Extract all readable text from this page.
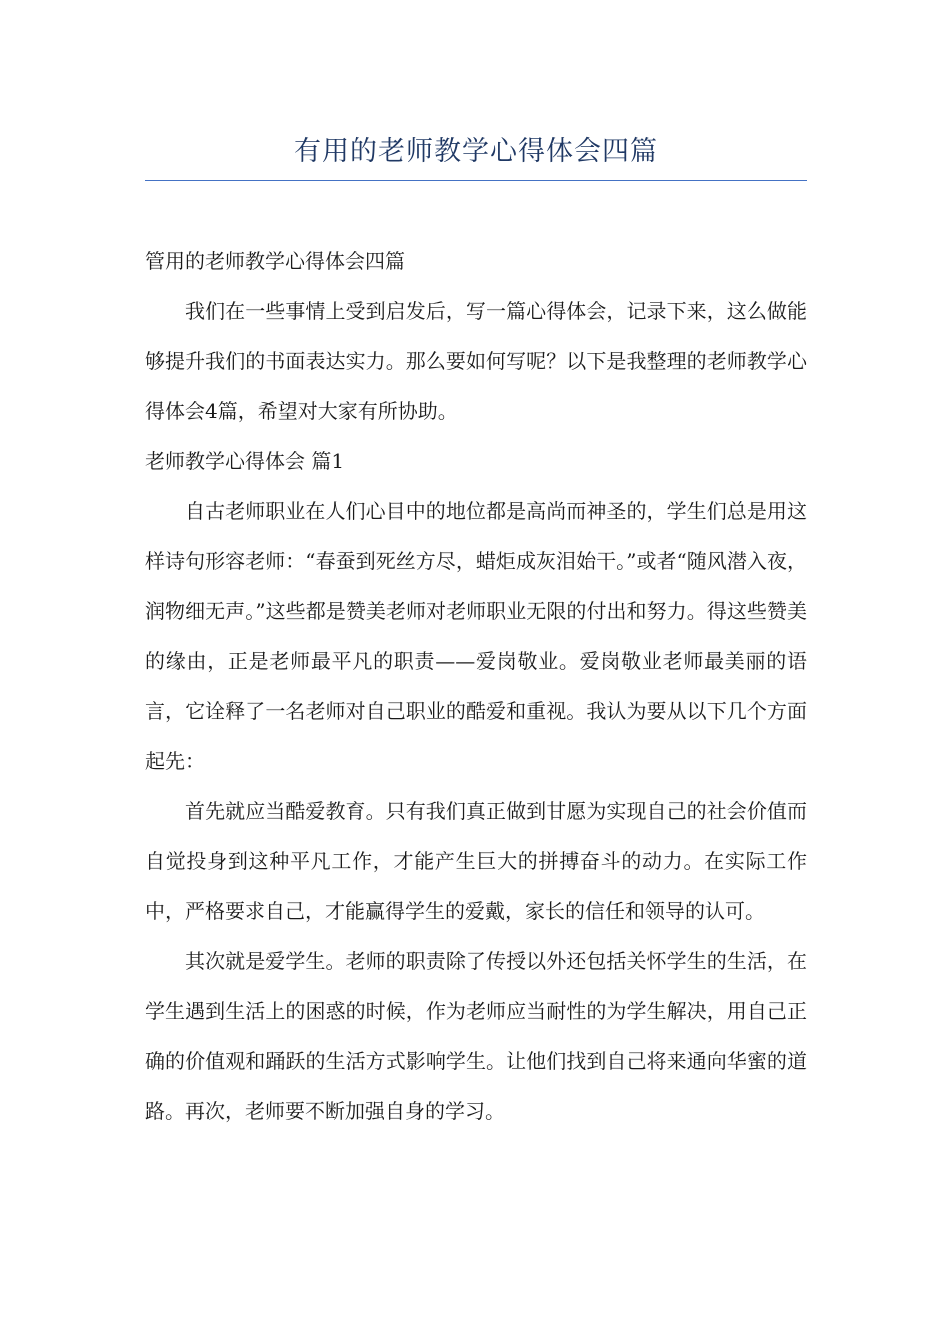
有用的老师教学心得体会四篇

管用的老师教学心得体会四篇

我们在一些事情上受到启发后，写一篇心得体会，记录下来，这么做能够提升我们的书面表达实力。那么要如何写呢？以下是我整理的老师教学心得体会4篇，希望对大家有所协助。

老师教学心得体会 篇1

自古老师职业在人们心目中的地位都是高尚而神圣的，学生们总是用这样诗句形容老师：“春蚕到死丝方尽，蜡炬成灰泪始干。”或者“随风潜入夜，润物细无声。”这些都是赞美老师对老师职业无限的付出和努力。得这些赞美的缘由，正是老师最平凡的职责——爱岗敬业。爱岗敬业老师最美丽的语言，它诠释了一名老师对自己职业的酷爱和重视。我认为要从以下几个方面起先：

首先就应当酷爱教育。只有我们真正做到甘愿为实现自己的社会价值而自觉投身到这种平凡工作，才能产生巨大的拼搏奋斗的动力。在实际工作中，严格要求自己，才能赢得学生的爱戴，家长的信任和领导的认可。

其次就是爱学生。老师的职责除了传授以外还包括关怀学生的生活，在学生遇到生活上的困惑的时候，作为老师应当耐性的为学生解决，用自己正确的价值观和踊跃的生活方式影响学生。让他们找到自己将来通向华蜜的道路。再次，老师要不断加强自身的学习。
